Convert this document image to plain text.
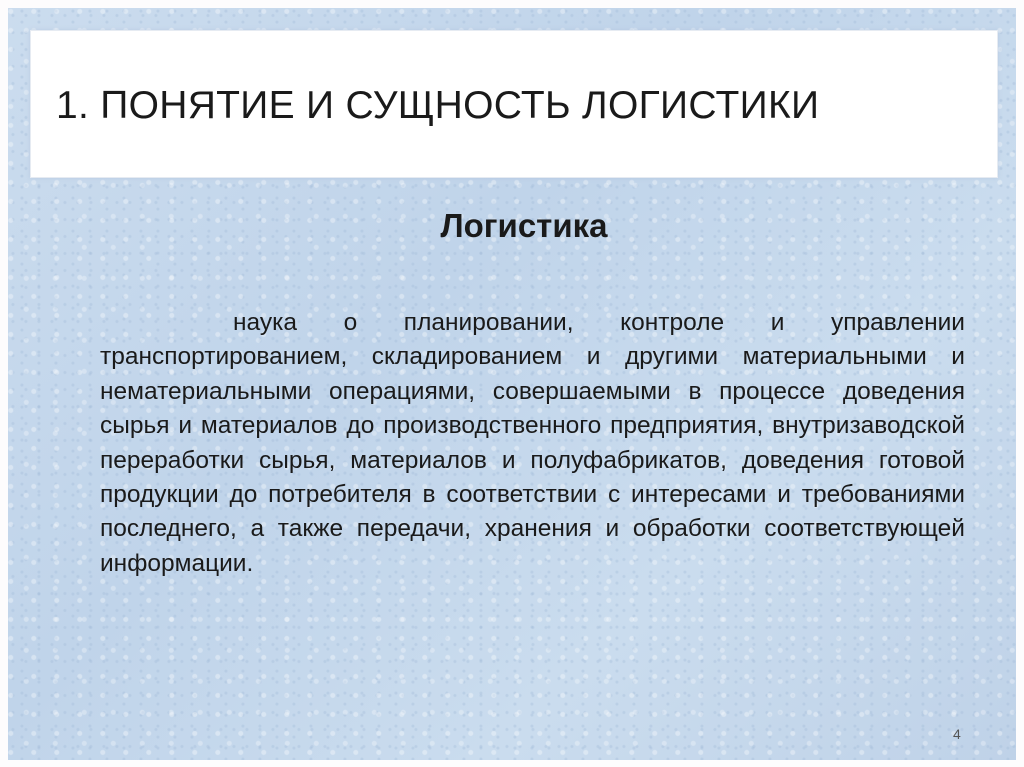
1. ПОНЯТИЕ И СУЩНОСТЬ ЛОГИСТИКИ
Логистика

наука о планировании, контроле и управлении транспортированием, складированием и другими материальными и нематериальными операциями, совершаемыми в процессе доведения сырья и материалов до производственного предприятия, внутризаводской переработки сырья, материалов и полуфабрикатов, доведения готовой продукции до потребителя в соответствии с интересами и требованиями последнего, а также передачи, хранения и обработки соответствующей информации.

4
